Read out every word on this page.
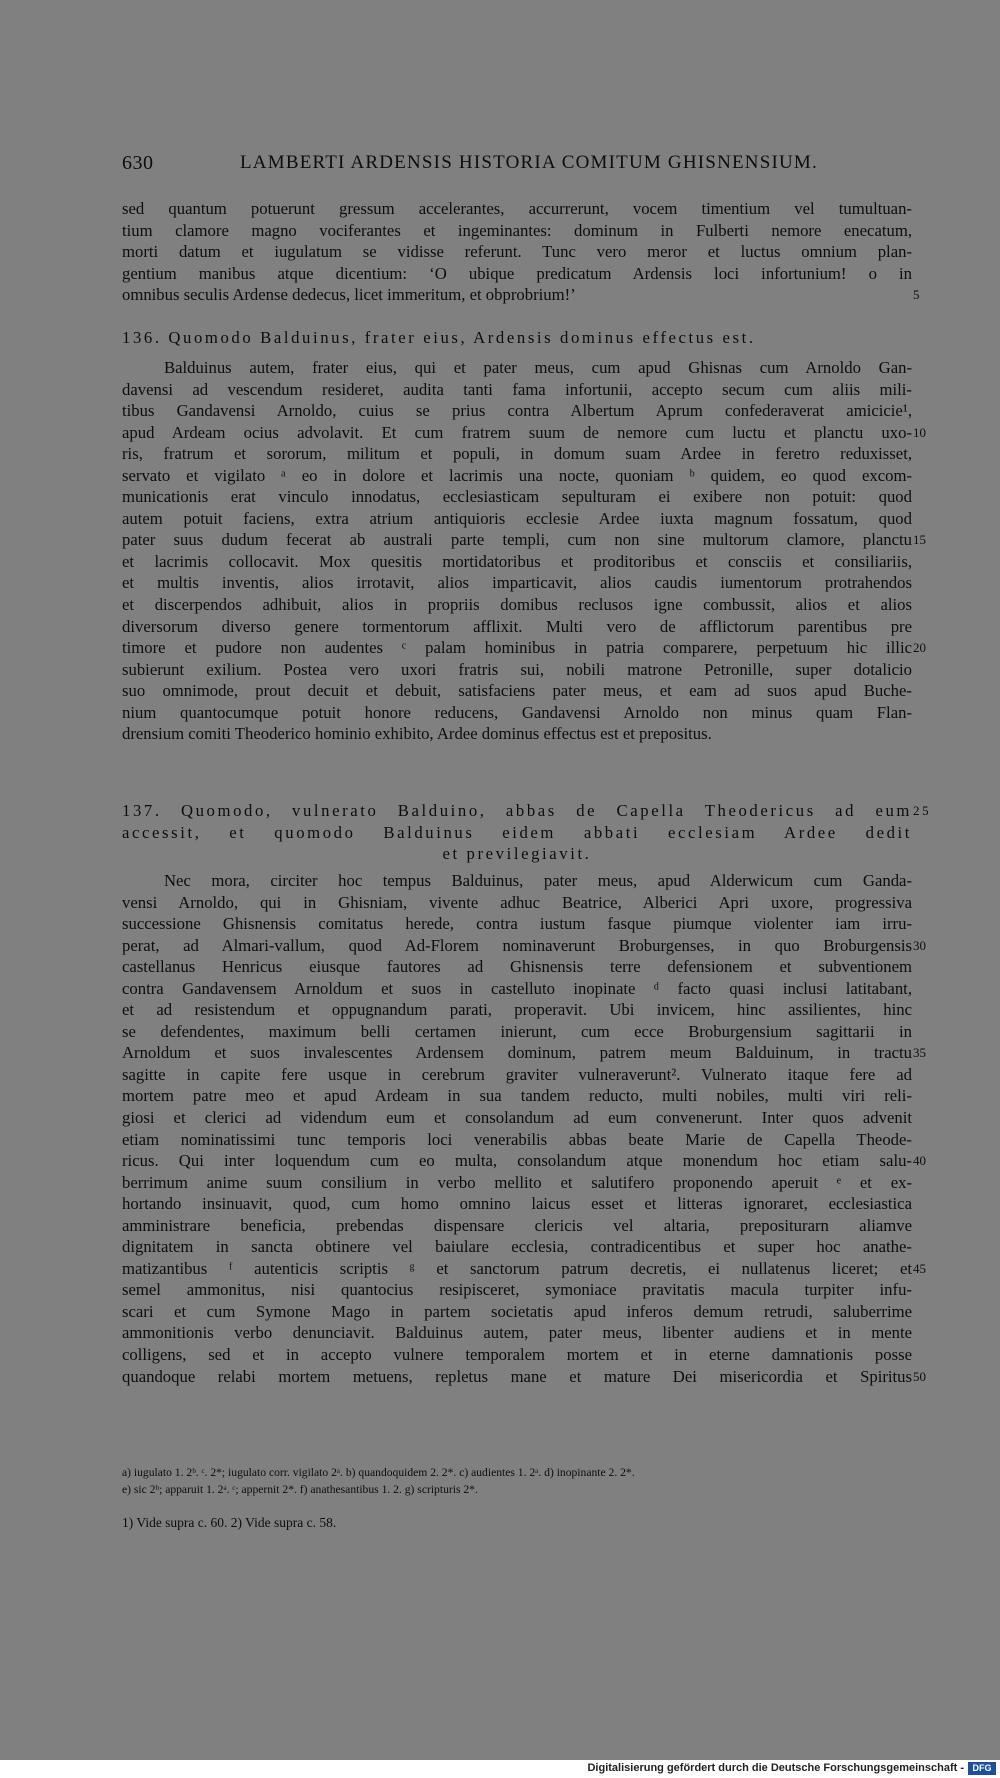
630	LAMBERTI ARDENSIS HISTORIA COMITUM GHISNENSIUM.
sed quantum potuerunt gressum accelerantes, accurrerunt, vocem timentium vel tumultuan-
tium clamore magno vociferantes et ingeminantes: dominum in Fulberti nemore enecatum,
morti datum et iugulatum se vidisse referunt. Tunc vero meror et luctus omnium plan-
gentium manibus atque dicentium: ‘O ubique predicatum Ardensis loci infortunium! o in
omnibus seculis Ardense dedecus, licet immeritum, et obprobrium!’	5
136. Quomodo Balduinus, frater eius, Ardensis dominus effectus est.
Balduinus autem, frater eius, qui et pater meus, cum apud Ghisnas cum Arnoldo Gan-
davensi ad vescendum resideret, audita tanti fama infortunii, accepto secum cum aliis mili-
tibus Gandavensi Arnoldo, cuius se prius contra Albertum Aprum confederaverat amicicie¹,
apud Ardeam ocius advolavit. Et cum fratrem suum de nemore cum luctu et planctu uxo- 10
ris, fratrum et sororum, militum et populi, in domum suam Ardee in feretro reduxisset,
servato et vigilato ᵃ eo in dolore et lacrimis una nocte, quoniam ᵇ quidem, eo quod excom-
municationis erat vinculo innodatus, ecclesiasticam sepulturam ei exibere non potuit: quod
autem potuit faciens, extra atrium antiquioris ecclesie Ardee iuxta magnum fossatum, quod
pater suus dudum fecerat ab australi parte templi, cum non sine multorum clamore, planctu 15
et lacrimis collocavit. Mox quesitis mortidatoribus et proditoribus et consciis et consiliariis,
et multis inventis, alios irrotavit, alios imparticavit, alios caudis iumentorum protrahendos
et discerpendos adhibuit, alios in propriis domibus reclusos igne combussit, alios et alios
diversorum diverso genere tormentorum afflixit. Multi vero de afflictorum parentibus pre
timore et pudore non audentes ᶜ palam hominibus in patria comparere, perpetuum hic illic 20
subierunt exilium. Postea vero uxori fratris sui, nobili matrone Petronille, super dotalicio
suo omnimode, prout decuit et debuit, satisfaciens pater meus, et eam ad suos apud Buche-
nium quantocumque potuit honore reducens, Gandavensi Arnoldo non minus quam Flan-
drensium comiti Theoderico hominio exhibito, Ardee dominus effectus est et prepositus.
137. Quomodo, vulnerato Balduino, abbas de Capella Theodericus ad eum 25
accessit, et quomodo Balduinus eidem abbati ecclesiam Ardee dedit
et previlegiavit.
Nec mora, circiter hoc tempus Balduinus, pater meus, apud Alderwicum cum Ganda-
vensi Arnoldo, qui in Ghisniam, vivente adhuc Beatrice, Alberici Apri uxore, progressiva
successione Ghisnensis comitatus herede, contra iustum fasque piumque violenter iam irru-
perat, ad Almari-vallum, quod Ad-Florem nominaverunt Broburgenses, in quo Broburgensis 30
castellanus Henricus eiusque fautores ad Ghisnensis terre defensionem et subventionem
contra Gandavensem Arnoldum et suos in castelluto inopinate ᵈ facto quasi inclusi latitabant,
et ad resistendum et oppugnandum parati, properavit. Ubi invicem, hinc assilientes, hinc
se defendentes, maximum belli certamen inierunt, cum ecce Broburgensium sagittarii in
Arnoldum et suos invalescentes Ardensem dominum, patrem meum Balduinum, in tractu 35
sagitte in capite fere usque in cerebrum graviter vulneraverunt². Vulnerato itaque fere ad
mortem patre meo et apud Ardeam in sua tandem reducto, multi nobiles, multi viri reli-
giosi et clerici ad videndum eum et consolandum ad eum convenerunt. Inter quos advenit
etiam nominatissimi tunc temporis loci venerabilis abbas beate Marie de Capella Theode-
ricus. Qui inter loquendum cum eo multa, consolandum atque monendum hoc etiam salu- 40
berrimum anime suum consilium in verbo mellito et salutifero proponendo aperuit ᵉ et ex-
hortando insinuavit, quod, cum homo omnino laicus esset et litteras ignoraret, ecclesiastica
amministrare beneficia, prebendas dispensare clericis vel altaria, prepositurarn aliamve
dignitatem in sancta obtinere vel baiulare ecclesia, contradicentibus et super hoc anathe-
matizantibus ᶠ autenticis scriptis ᵍ et sanctorum patrum decretis, ei nullatenus liceret; et 45
semel ammonitus, nisi quantocius resipisceret, symoniace pravitatis macula turpiter infu-
scari et cum Symone Mago in partem societatis apud inferos demum retrudi, saluberrime
ammonitionis verbo denunciavit. Balduinus autem, pater meus, libenter audiens et in mente
colligens, sed et in accepto vulnere temporalem mortem et in eterne damnationis posse
quandoque relabi mortem metuens, repletus mane et mature Dei misericordia et Spiritus 50
a) iugulato 1. 2ᵇ. ᶜ. 2*; iugulato corr. vigilato 2ᵃ. b) quandoquidem 2. 2*. c) audientes 1. 2ᵃ. d) inopinante 2. 2*.
e) sic 2ᵇ; apparuit 1. 2ᵃ. ᶜ; appernit 2*. f) anathesantibus 1. 2. g) scripturis 2*.
1) Vide supra c. 60. 2) Vide supra c. 58.
Digitalisierung gefördert durch die Deutsche Forschungsgemeinschaft - DFG
